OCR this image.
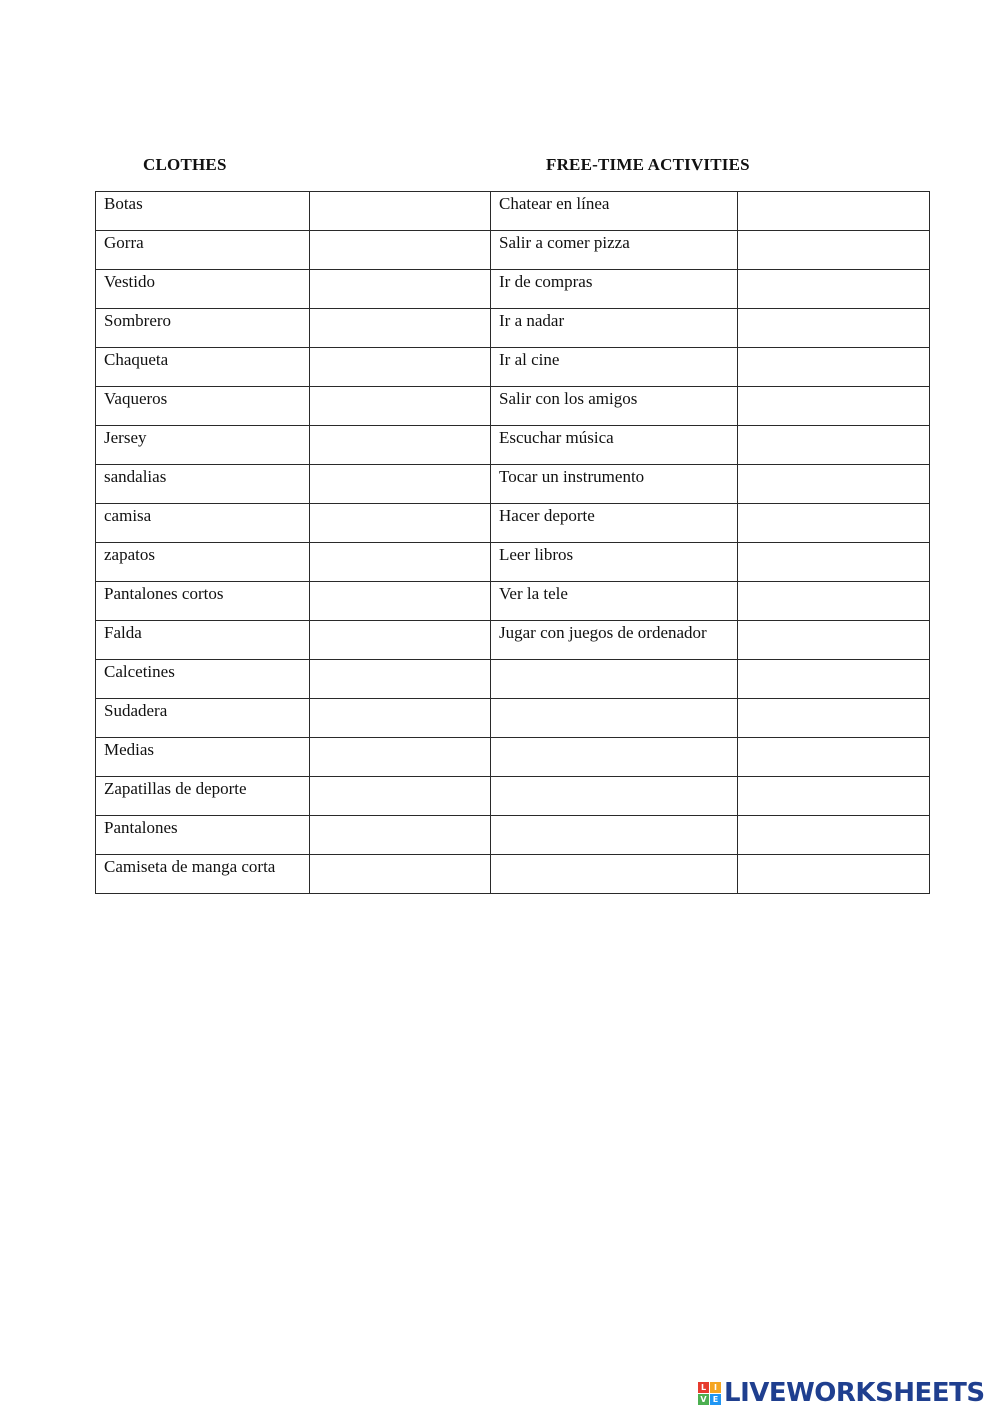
CLOTHES	FREE-TIME ACTIVITIES
Botas		Chatear en línea	
Gorra		Salir a comer pizza	
Vestido		Ir de compras	
Sombrero		Ir a nadar	
Chaqueta		Ir al cine	
Vaqueros		Salir con los amigos	
Jersey		Escuchar música	
sandalias		Tocar un instrumento	
camisa		Hacer deporte	
zapatos		Leer libros	
Pantalones cortos		Ver la tele	
Falda		Jugar con juegos de ordenador	
Calcetines			
Sudadera			
Medias			
Zapatillas de deporte			
Pantalones			
Camiseta de manga corta			
L I
V E LIVEWORKSHEETS
